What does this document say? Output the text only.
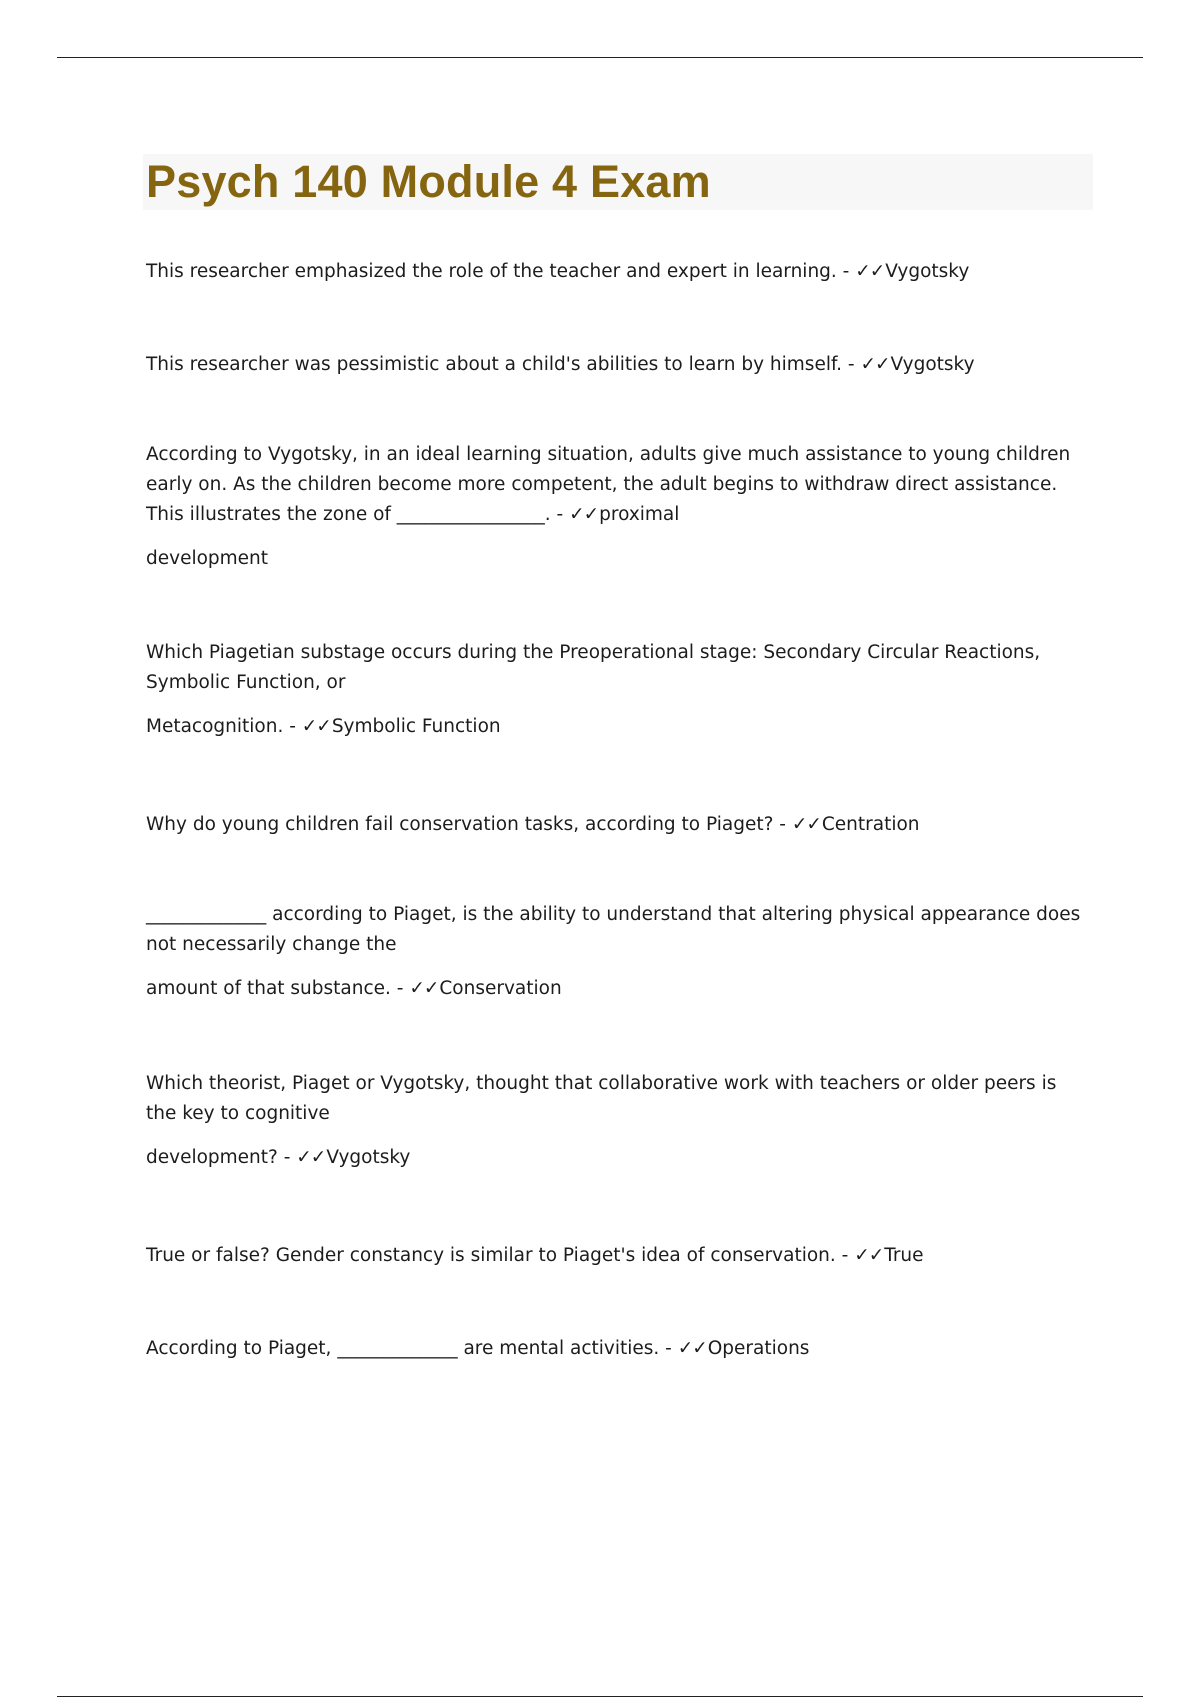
Psych 140 Module 4 Exam

This researcher emphasized the role of the teacher and expert in learning. - ✓✓Vygotsky

This researcher was pessimistic about a child's abilities to learn by himself. - ✓✓Vygotsky

According to Vygotsky, in an ideal learning situation, adults give much assistance to young children early on. As the children become more competent, the adult begins to withdraw direct assistance. This illustrates the zone of ________________. - ✓✓proximal

development

Which Piagetian substage occurs during the Preoperational stage: Secondary Circular Reactions, Symbolic Function, or

Metacognition. - ✓✓Symbolic Function

Why do young children fail conservation tasks, according to Piaget? - ✓✓Centration

_____________ according to Piaget, is the ability to understand that altering physical appearance does not necessarily change the

amount of that substance. - ✓✓Conservation

Which theorist, Piaget or Vygotsky, thought that collaborative work with teachers or older peers is the key to cognitive

development? - ✓✓Vygotsky

True or false? Gender constancy is similar to Piaget's idea of conservation. - ✓✓True

According to Piaget, _____________ are mental activities. - ✓✓Operations
